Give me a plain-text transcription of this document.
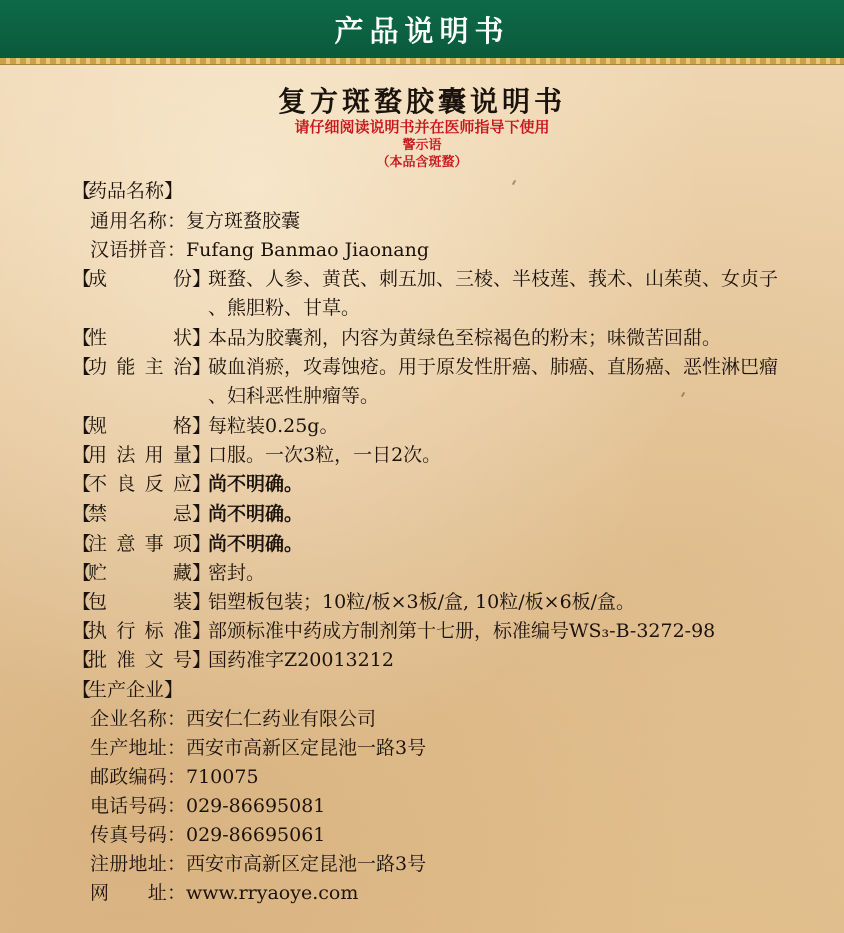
产品说明书
复方斑蝥胶囊说明书
请仔细阅读说明书并在医师指导下使用
警示语
（本品含斑蝥）
【药品名称】
通用名称：复方斑蝥胶囊
汉语拼音：Fufang Banmao Jiaonang
【成　　份】斑蝥、人参、黄芪、刺五加、三棱、半枝莲、莪术、山茱萸、女贞子 、熊胆粉、甘草。
【性　　状】本品为胶囊剂，内容为黄绿色至棕褐色的粉末；味微苦回甜。
【功能主治】破血消瘀，攻毒蚀疮。用于原发性肝癌、肺癌、直肠癌、恶性淋巴瘤 、妇科恶性肿瘤等。
【规　　格】每粒装0.25g。
【用法用量】口服。一次3粒，一日2次。
【不良反应】尚不明确。
【禁　　忌】尚不明确。
【注意事项】尚不明确。
【贮　　藏】密封。
【包　　装】铝塑板包装；10粒/板×3板/盒, 10粒/板×6板/盒。
【执行标准】部颁标准中药成方制剂第十七册，标准编号WS₃-B-3272-98
【批准文号】国药准字Z20013212
【生产企业】
企业名称：西安仁仁药业有限公司
生产地址：西安市高新区定昆池一路3号
邮政编码：710075
电话号码：029-86695081
传真号码：029-86695061
注册地址：西安市高新区定昆池一路3号
网　　址：www.rryaoye.com
